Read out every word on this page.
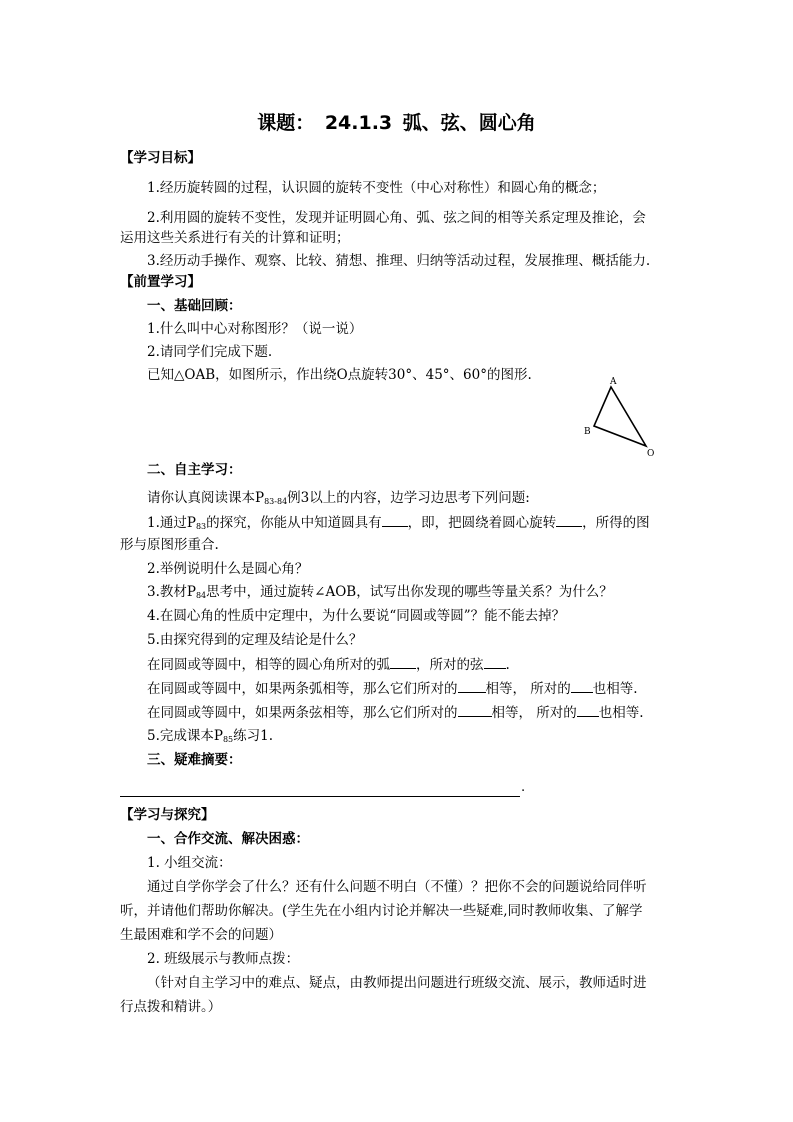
课题： 24.1.3 弧、弦、圆心角
【学习目标】
1.经历旋转圆的过程，认识圆的旋转不变性（中心对称性）和圆心角的概念；
2.利用圆的旋转不变性，发现并证明圆心角、弧、弦之间的相等关系定理及推论，会
运用这些关系进行有关的计算和证明；
3.经历动手操作、观察、比较、猜想、推理、归纳等活动过程，发展推理、概括能力.
【前置学习】
一、基础回顾：
1.什么叫中心对称图形？（说一说）
2.请同学们完成下题.
已知△OAB，如图所示，作出绕O点旋转30°、45°、60°的图形.	A
B
O
二、自主学习：
请你认真阅读课本$P_{83-84}$例3以上的内容，边学习边思考下列问题:
1.通过$P_{83}$的探究，你能从中知道圆具有 ，即，把圆绕着圆心旋转 ，所得的图
形与原图形重合.
2.举例说明什么是圆心角？
3.教材$P_{84}$思考中，通过旋转∠AOB，试写出你发现的哪些等量关系？为什么？
4.在圆心角的性质中定理中，为什么要说“同圆或等圆”？能不能去掉？
5.由探究得到的定理及结论是什么？
在同圆或等圆中，相等的圆心角所对的弧 ，所对的弦 .
在同圆或等圆中，如果两条弧相等，那么它们所对的 相等， 所对的 也相等.
在同圆或等圆中，如果两条弦相等，那么它们所对的	相等， 所对的 也相等.
5.完成课本$P_{85}$练习1.
三、疑难摘要：
.
【学习与探究】
一、合作交流、解决困惑：
1. 小组交流：
通过自学你学会了什么？还有什么问题不明白（不懂）？把你不会的问题说给同伴听
听，并请他们帮助你解决。(学生先在小组内讨论并解决一些疑难,同时教师收集、了解学
生最困难和学不会的问题）
2. 班级展示与教师点拨：
（针对自主学习中的难点、疑点，由教师提出问题进行班级交流、展示，教师适时进
行点拨和精讲。）
